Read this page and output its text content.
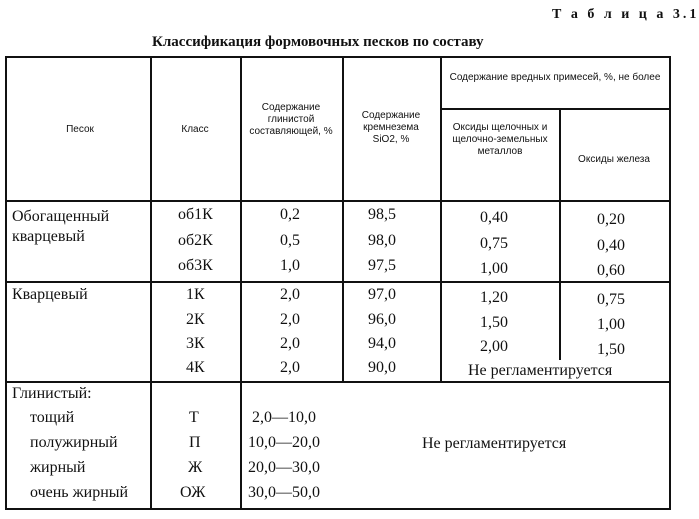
Т а б л и ц а 3.1
Классификация формовочных песков по составу
Песок	Класс
Содержание глинистой составляющей, %
Содержание кремнезема SiO2, %
Содержание вредных примесей, %, не более
Оксиды щелочных и щелочно-земельных металлов
Оксиды железа
Обогащенный кварцевый
Кварцевый
Глинистый:
тощий
полужирный
жирный
очень жирный
об1К
об2К
об3К
1К
2К
3К
4К
Т
П
Ж
ОЖ
0,2
0,5
1,0
2,0
2,0
2,0
2,0
2,0—10,0
10,0—20,0
20,0—30,0
30,0—50,0
98,5
98,0
97,5
97,0
96,0
94,0
90,0
0,40
0,75
1,00
1,20
1,50
2,00
0,20
0,40
0,60
0,75
1,00
1,50
Не регламентируется
Не регламентируется
